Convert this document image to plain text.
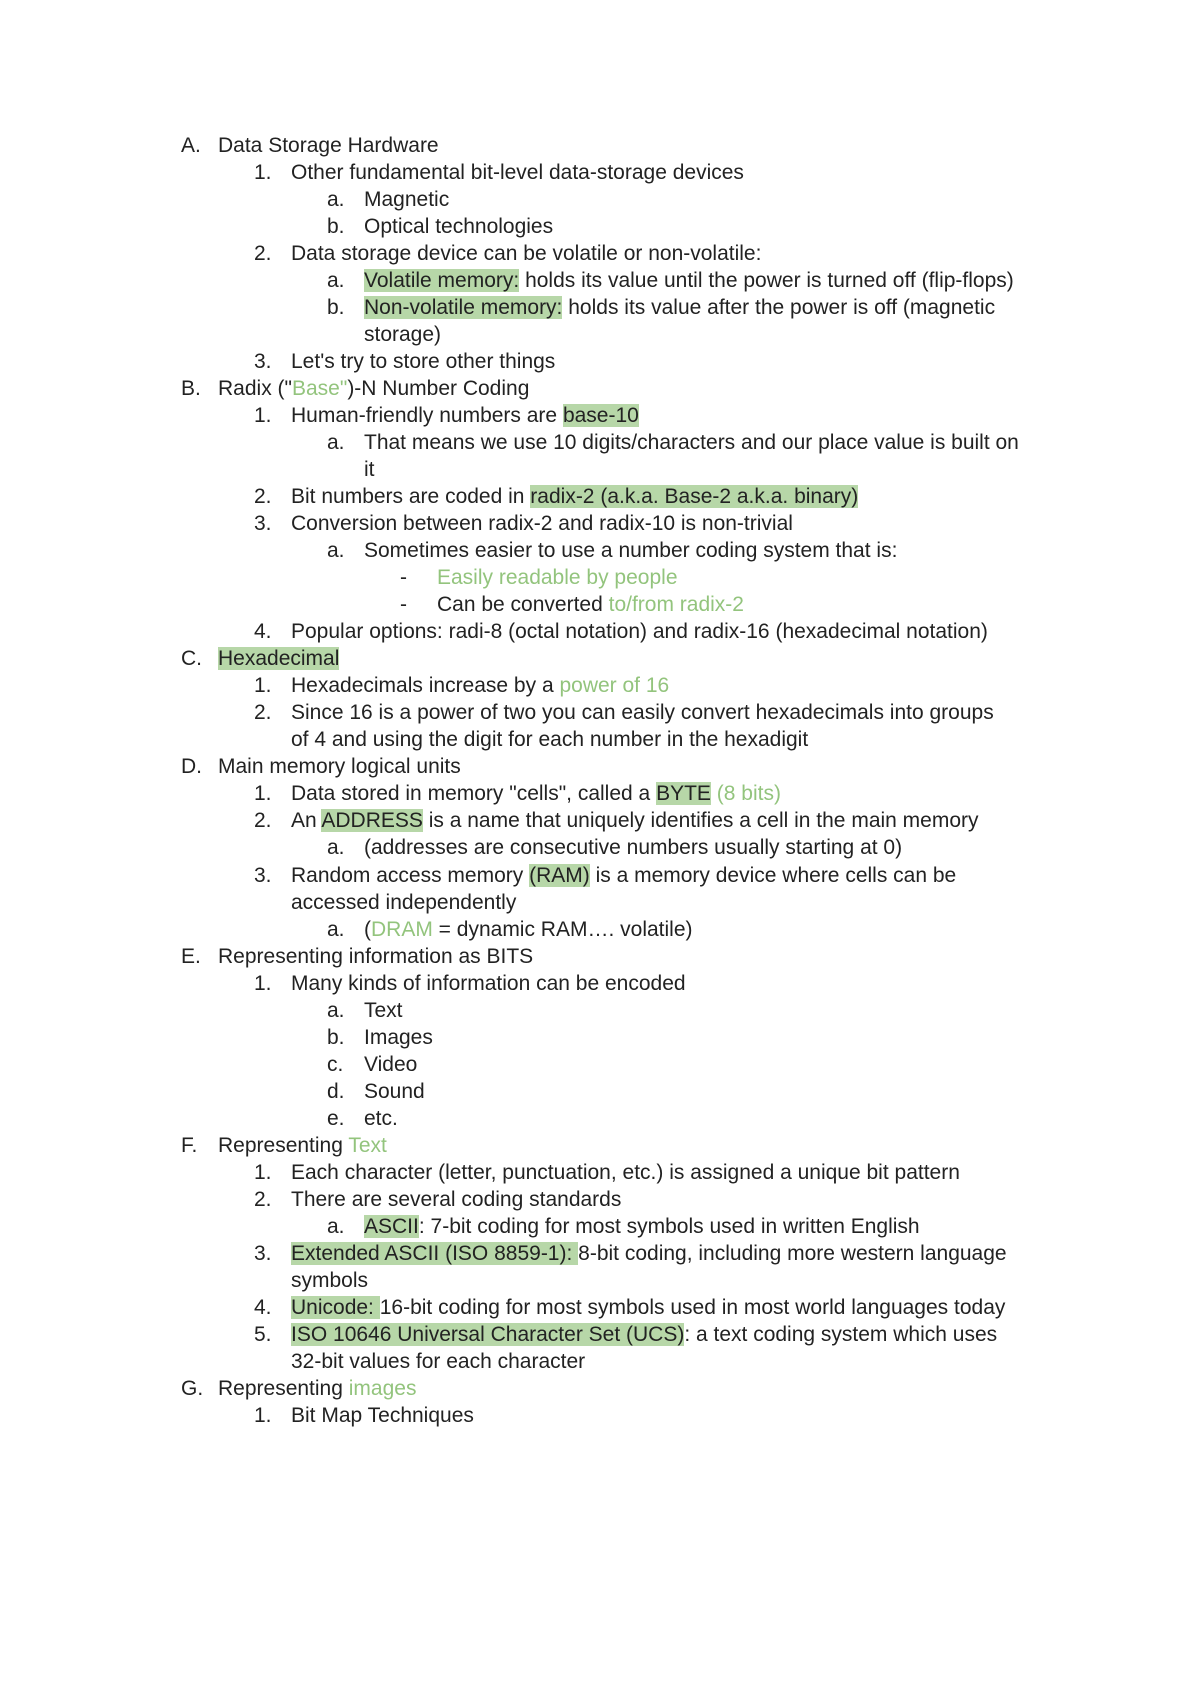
A. Data Storage Hardware
1. Other fundamental bit-level data-storage devices
a. Magnetic
b. Optical technologies
2. Data storage device can be volatile or non-volatile:
a. Volatile memory: holds its value until the power is turned off (flip-flops)
b. Non-volatile memory: holds its value after the power is off (magnetic
storage)
3. Let's try to store other things
B. Radix ("Base")-N Number Coding
1. Human-friendly numbers are base-10
a. That means we use 10 digits/characters and our place value is built on
it
2. Bit numbers are coded in radix-2 (a.k.a. Base-2 a.k.a. binary)
3. Conversion between radix-2 and radix-10 is non-trivial
a. Sometimes easier to use a number coding system that is:
- Easily readable by people
- Can be converted to/from radix-2
4. Popular options: radi-8 (octal notation) and radix-16 (hexadecimal notation)
C. Hexadecimal
1. Hexadecimals increase by a power of 16
2. Since 16 is a power of two you can easily convert hexadecimals into groups
of 4 and using the digit for each number in the hexadigit
D. Main memory logical units
1. Data stored in memory "cells", called a BYTE (8 bits)
2. An ADDRESS is a name that uniquely identifies a cell in the main memory
a. (addresses are consecutive numbers usually starting at 0)
3. Random access memory (RAM) is a memory device where cells can be
accessed independently
a. (DRAM = dynamic RAM…. volatile)
E. Representing information as BITS
1. Many kinds of information can be encoded
a. Text
b. Images
c. Video
d. Sound
e. etc.
F. Representing Text
1. Each character (letter, punctuation, etc.) is assigned a unique bit pattern
2. There are several coding standards
a. ASCII: 7-bit coding for most symbols used in written English
3. Extended ASCII (ISO 8859-1): 8-bit coding, including more western language
symbols
4. Unicode: 16-bit coding for most symbols used in most world languages today
5. ISO 10646 Universal Character Set (UCS): a text coding system which uses
32-bit values for each character
G. Representing images
1. Bit Map Techniques
